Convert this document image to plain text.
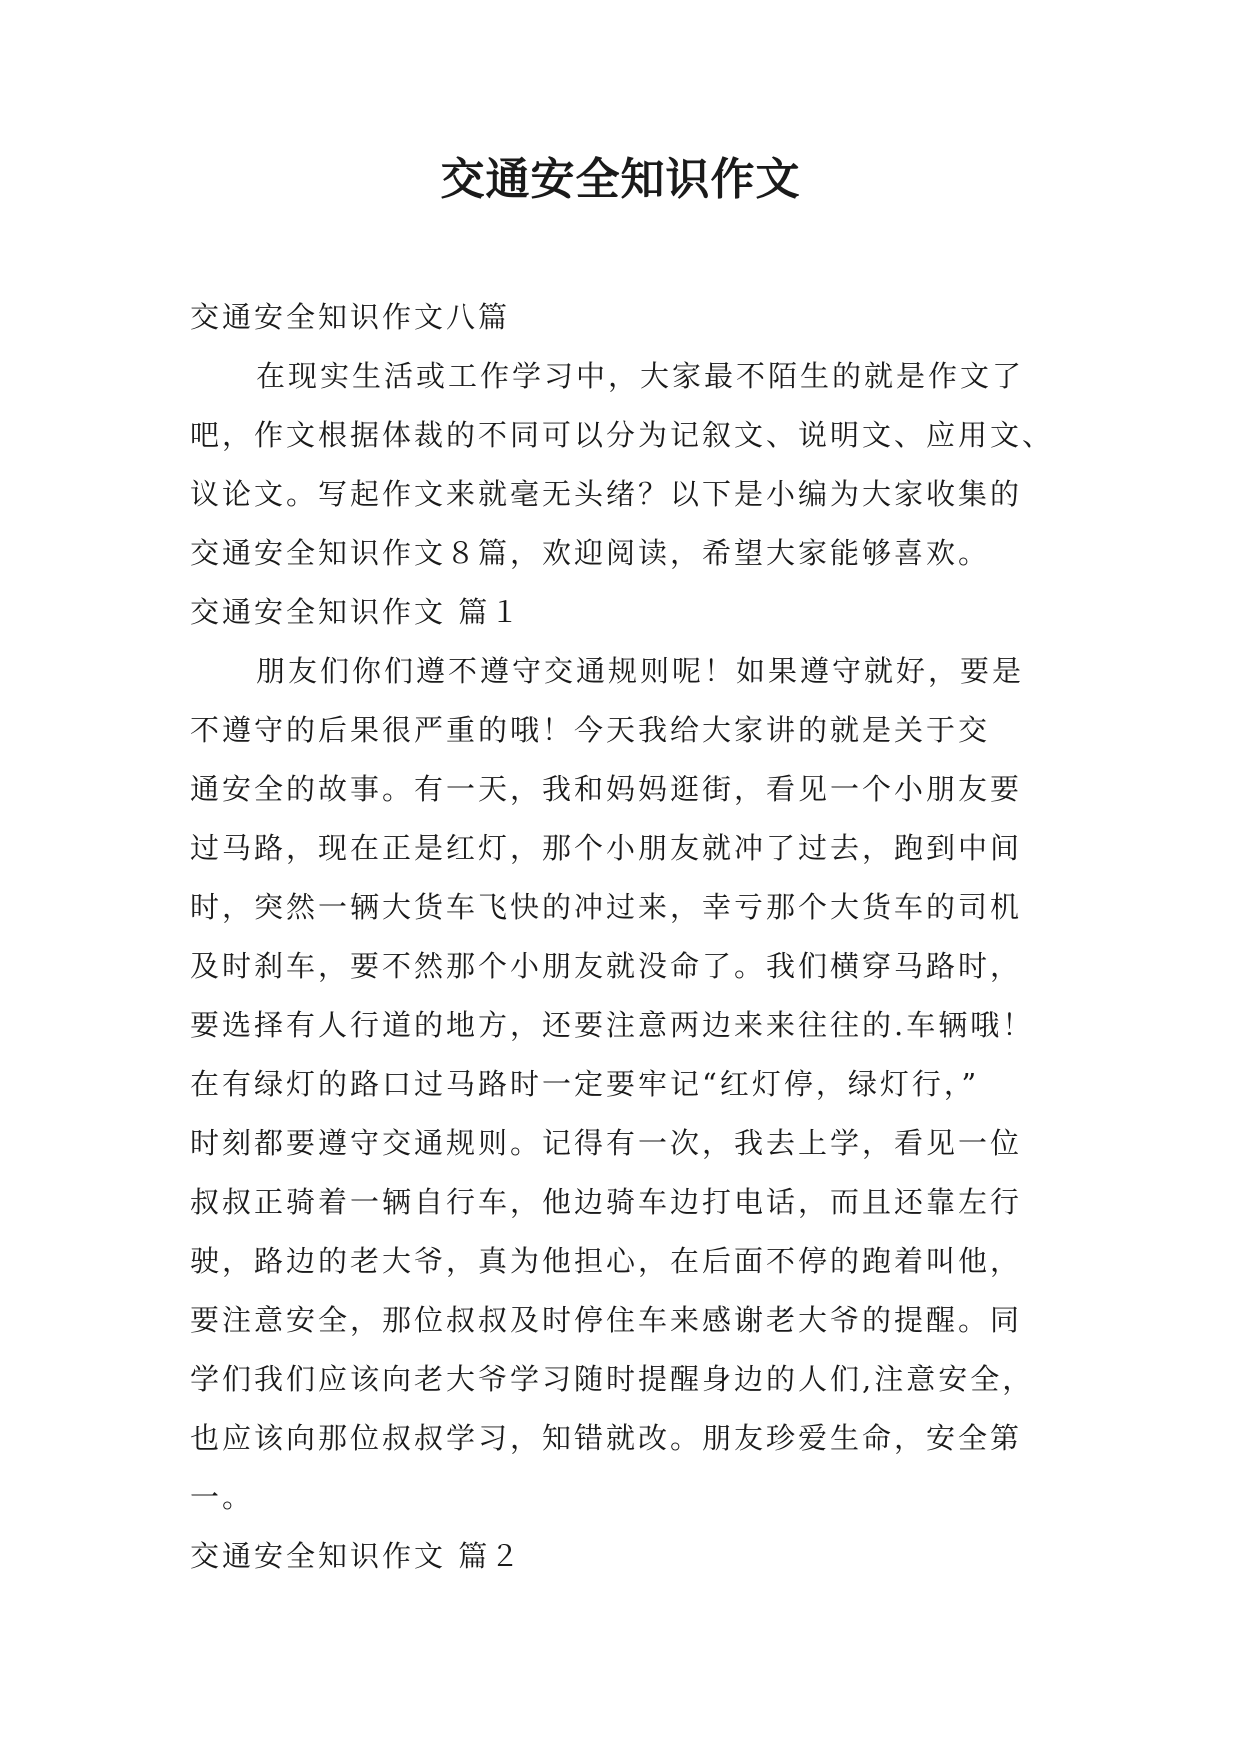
交通安全知识作文

交通安全知识作文八篇

在现实生活或工作学习中，大家最不陌生的就是作文了

吧，作文根据体裁的不同可以分为记叙文、说明文、应用文、

议论文。写起作文来就毫无头绪？以下是小编为大家收集的

交通安全知识作文８篇，欢迎阅读，希望大家能够喜欢。

交通安全知识作文 篇１

朋友们你们遵不遵守交通规则呢！如果遵守就好，要是

不遵守的后果很严重的哦！今天我给大家讲的就是关于交

通安全的故事。有一天，我和妈妈逛街，看见一个小朋友要

过马路，现在正是红灯，那个小朋友就冲了过去，跑到中间

时，突然一辆大货车飞快的冲过来，幸亏那个大货车的司机

及时刹车，要不然那个小朋友就没命了。我们横穿马路时，

要选择有人行道的地方，还要注意两边来来往往的.车辆哦！

在有绿灯的路口过马路时一定要牢记“红灯停，绿灯行，”

时刻都要遵守交通规则。记得有一次，我去上学，看见一位

叔叔正骑着一辆自行车，他边骑车边打电话，而且还靠左行

驶，路边的老大爷，真为他担心，在后面不停的跑着叫他，

要注意安全，那位叔叔及时停住车来感谢老大爷的提醒。同

学们我们应该向老大爷学习随时提醒身边的人们,注意安全，

也应该向那位叔叔学习，知错就改。朋友珍爱生命，安全第

一。

交通安全知识作文 篇２
